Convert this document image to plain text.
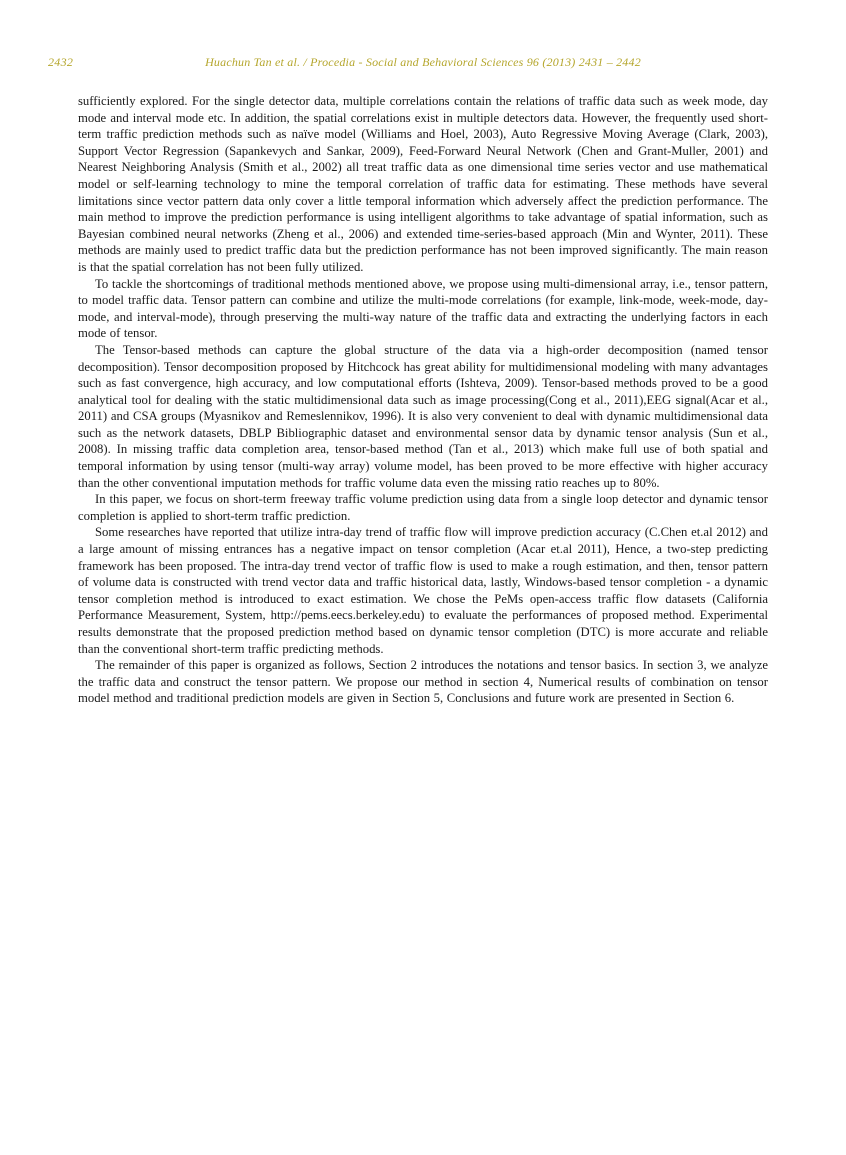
2432	Huachun Tan et al. / Procedia - Social and Behavioral Sciences 96 (2013) 2431 – 2442

sufficiently explored. For the single detector data, multiple correlations contain the relations of traffic data such as week mode, day mode and interval mode etc. In addition, the spatial correlations exist in multiple detectors data. However, the frequently used short-term traffic prediction methods such as naïve model (Williams and Hoel, 2003), Auto Regressive Moving Average (Clark, 2003), Support Vector Regression (Sapankevych and Sankar, 2009), Feed-Forward Neural Network (Chen and Grant-Muller, 2001) and Nearest Neighboring Analysis (Smith et al., 2002) all treat traffic data as one dimensional time series vector and use mathematical model or self-learning technology to mine the temporal correlation of traffic data for estimating. These methods have several limitations since vector pattern data only cover a little temporal information which adversely affect the prediction performance. The main method to improve the prediction performance is using intelligent algorithms to take advantage of spatial information, such as Bayesian combined neural networks (Zheng et al., 2006) and extended time-series-based approach (Min and Wynter, 2011). These methods are mainly used to predict traffic data but the prediction performance has not been improved significantly. The main reason is that the spatial correlation has not been fully utilized.

To tackle the shortcomings of traditional methods mentioned above, we propose using multi-dimensional array, i.e., tensor pattern, to model traffic data. Tensor pattern can combine and utilize the multi-mode correlations (for example, link-mode, week-mode, day-mode, and interval-mode), through preserving the multi-way nature of the traffic data and extracting the underlying factors in each mode of tensor.

The Tensor-based methods can capture the global structure of the data via a high-order decomposition (named tensor decomposition). Tensor decomposition proposed by Hitchcock has great ability for multidimensional modeling with many advantages such as fast convergence, high accuracy, and low computational efforts (Ishteva, 2009). Tensor-based methods proved to be a good analytical tool for dealing with the static multidimensional data such as image processing(Cong et al., 2011),EEG signal(Acar et al., 2011) and CSA groups (Myasnikov and Remeslennikov, 1996). It is also very convenient to deal with dynamic multidimensional data such as the network datasets, DBLP Bibliographic dataset and environmental sensor data by dynamic tensor analysis (Sun et al., 2008). In missing traffic data completion area, tensor-based method (Tan et al., 2013) which make full use of both spatial and temporal information by using tensor (multi-way array) volume model, has been proved to be more effective with higher accuracy than the other conventional imputation methods for traffic volume data even the missing ratio reaches up to 80%.

In this paper, we focus on short-term freeway traffic volume prediction using data from a single loop detector and dynamic tensor completion is applied to short-term traffic prediction.

Some researches have reported that utilize intra-day trend of traffic flow will improve prediction accuracy (C.Chen et.al 2012) and a large amount of missing entrances has a negative impact on tensor completion (Acar et.al 2011), Hence, a two-step predicting framework has been proposed. The intra-day trend vector of traffic flow is used to make a rough estimation, and then, tensor pattern of volume data is constructed with trend vector data and traffic historical data, lastly, Windows-based tensor completion - a dynamic tensor completion method is introduced to exact estimation. We chose the PeMs open-access traffic flow datasets (California Performance Measurement, System, http://pems.eecs.berkeley.edu) to evaluate the performances of proposed method. Experimental results demonstrate that the proposed prediction method based on dynamic tensor completion (DTC) is more accurate and reliable than the conventional short-term traffic predicting methods.

The remainder of this paper is organized as follows, Section 2 introduces the notations and tensor basics. In section 3, we analyze the traffic data and construct the tensor pattern. We propose our method in section 4, Numerical results of combination on tensor model method and traditional prediction models are given in Section 5, Conclusions and future work are presented in Section 6.
